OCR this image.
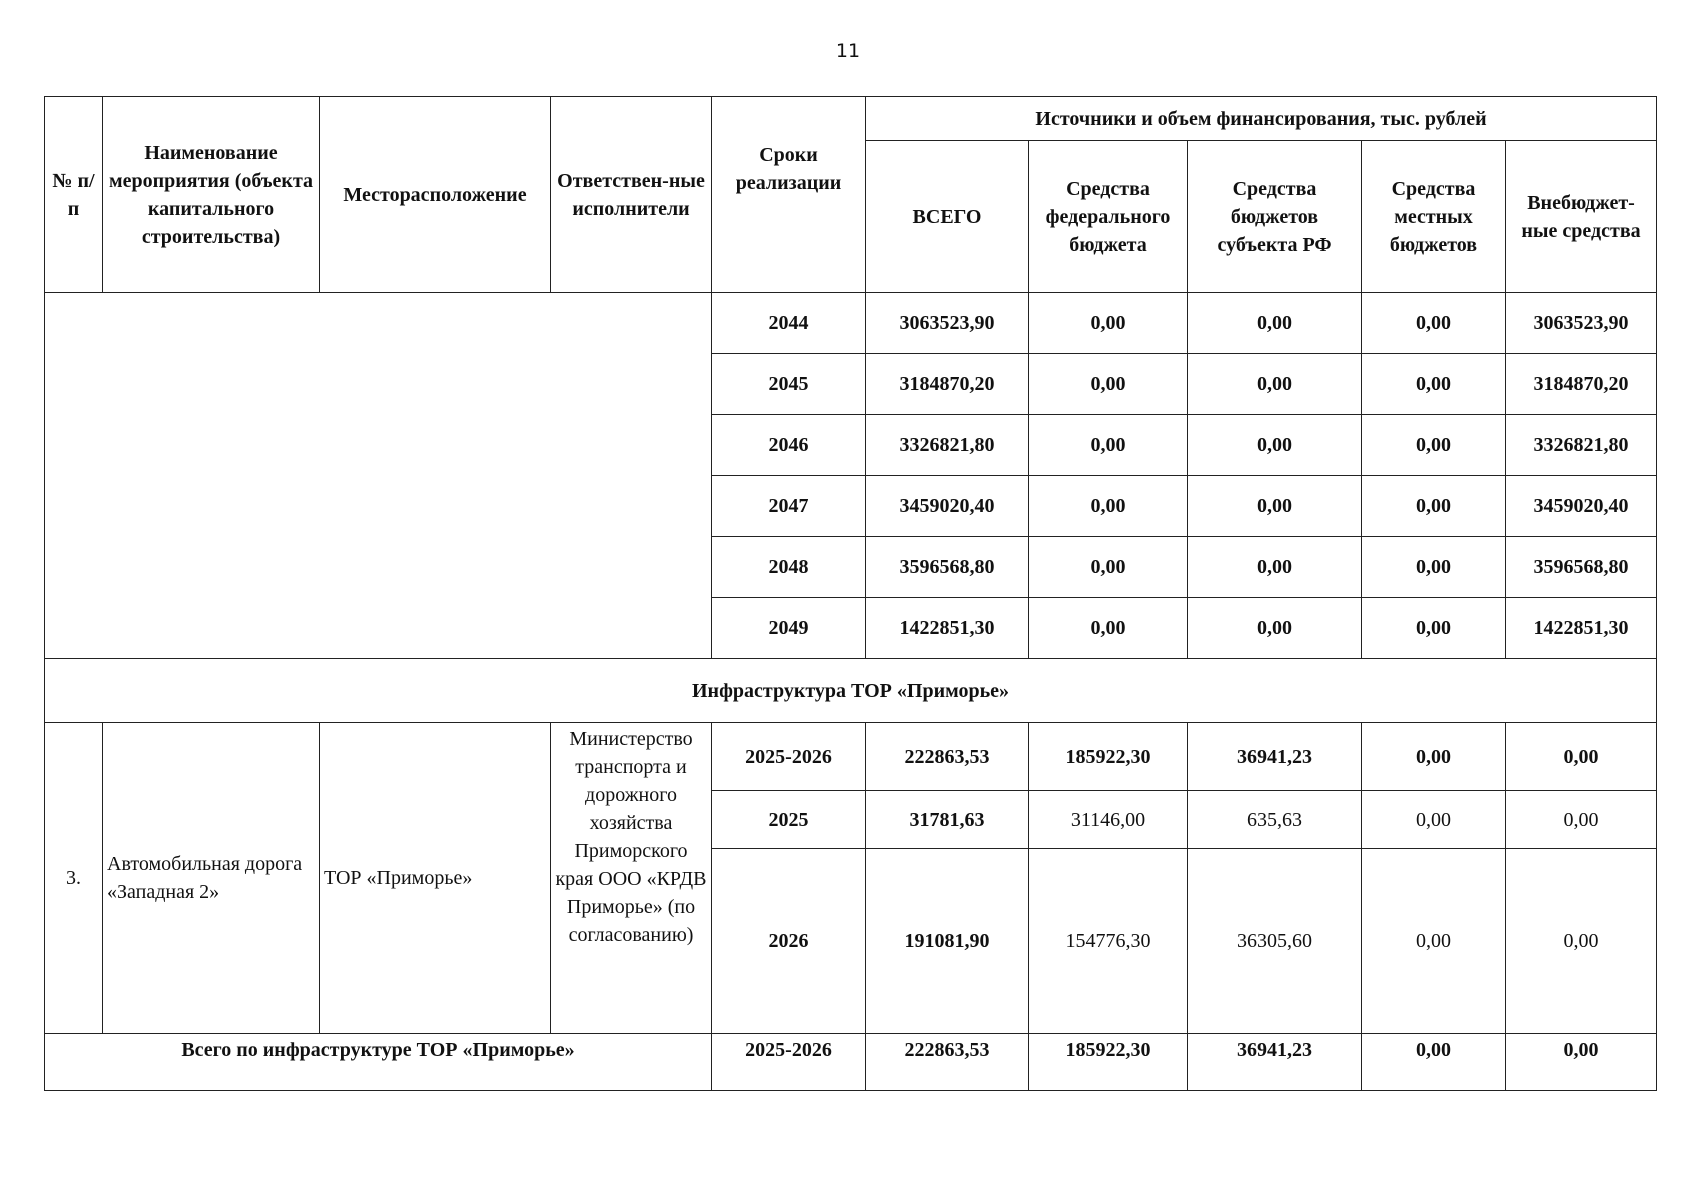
11
№ п/п	Наименование мероприятия (объекта капитального строительства)	Месторасположение	Ответствен-ные исполнители	Сроки реализации	Источники и объем финансирования, тыс. рублей				
					ВСЕГО	Средства федерального бюджета	Средства бюджетов субъекта РФ	Средства местных бюджетов	Внебюджет-ные средства
				2044	3063523,90	0,00	0,00	0,00	3063523,90
				2045	3184870,20	0,00	0,00	0,00	3184870,20
				2046	3326821,80	0,00	0,00	0,00	3326821,80
				2047	3459020,40	0,00	0,00	0,00	3459020,40
				2048	3596568,80	0,00	0,00	0,00	3596568,80
				2049	1422851,30	0,00	0,00	0,00	1422851,30
Инфраструктура ТОР «Приморье»									
3.	Автомобильная дорога «Западная 2»	ТОР «Приморье»	Министерство транспорта и дорожного хозяйства Приморского края ООО «КРДВ Приморье» (по согласованию)	2025-2026	222863,53	185922,30	36941,23	0,00	0,00
				2025	31781,63	31146,00	635,63	0,00	0,00
				2026	191081,90	154776,30	36305,60	0,00	0,00
Всего по инфраструктуре ТОР «Приморье»				2025-2026	222863,53	185922,30	36941,23	0,00	0,00
